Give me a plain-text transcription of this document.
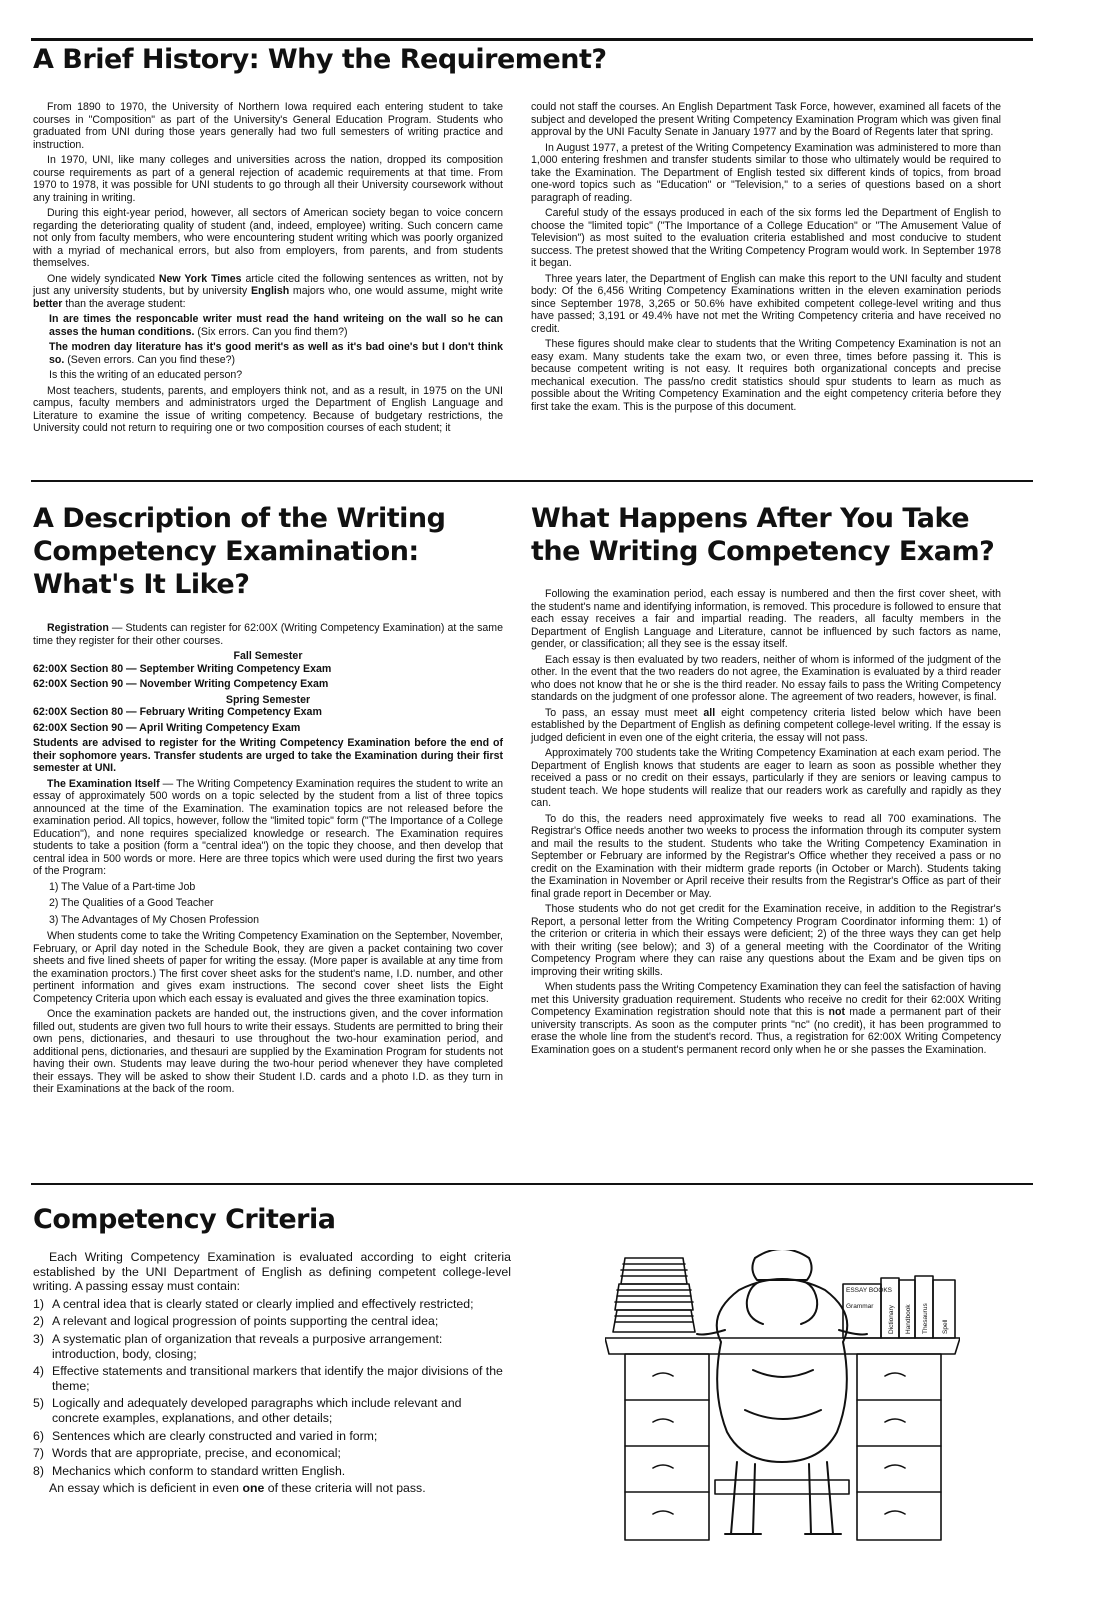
A Brief History: Why the Requirement?

From 1890 to 1970, the University of Northern Iowa required each entering student to take courses in "Composition" as part of the University's General Education Program. Students who graduated from UNI during those years generally had two full semesters of writing practice and instruction.

In 1970, UNI, like many colleges and universities across the nation, dropped its composition course requirements as part of a general rejection of academic requirements at that time. From 1970 to 1978, it was possible for UNI students to go through all their University coursework without any training in writing.

During this eight-year period, however, all sectors of American society began to voice concern regarding the deteriorating quality of student (and, indeed, employee) writing. Such concern came not only from faculty members, who were encountering student writing which was poorly organized with a myriad of mechanical errors, but also from employers, from parents, and from students themselves.

One widely syndicated New York Times article cited the following sentences as written, not by just any university students, but by university English majors who, one would assume, might write better than the average student:

In are times the responcable writer must read the hand writeing on the wall so he can asses the human conditions. (Six errors. Can you find them?)

The modren day literature has it's good merit's as well as it's bad oine's but I don't think so. (Seven errors. Can you find these?)

Is this the writing of an educated person?

Most teachers, students, parents, and employers think not, and as a result, in 1975 on the UNI campus, faculty members and administrators urged the Department of English Language and Literature to examine the issue of writing competency. Because of budgetary restrictions, the University could not return to requiring one or two composition courses of each student; it

could not staff the courses. An English Department Task Force, however, examined all facets of the subject and developed the present Writing Competency Examination Program which was given final approval by the UNI Faculty Senate in January 1977 and by the Board of Regents later that spring.

In August 1977, a pretest of the Writing Competency Examination was administered to more than 1,000 entering freshmen and transfer students similar to those who ultimately would be required to take the Examination. The Department of English tested six different kinds of topics, from broad one-word topics such as "Education" or "Television," to a series of questions based on a short paragraph of reading.

Careful study of the essays produced in each of the six forms led the Department of English to choose the "limited topic" ("The Importance of a College Education" or "The Amusement Value of Television") as most suited to the evaluation criteria established and most conducive to student success. The pretest showed that the Writing Competency Program would work. In September 1978 it began.

Three years later, the Department of English can make this report to the UNI faculty and student body: Of the 6,456 Writing Competency Examinations written in the eleven examination periods since September 1978, 3,265 or 50.6% have exhibited competent college-level writing and thus have passed; 3,191 or 49.4% have not met the Writing Competency criteria and have received no credit.

These figures should make clear to students that the Writing Competency Examination is not an easy exam. Many students take the exam two, or even three, times before passing it. This is because competent writing is not easy. It requires both organizational concepts and precise mechanical execution. The pass/no credit statistics should spur students to learn as much as possible about the Writing Competency Examination and the eight competency criteria before they first take the exam. This is the purpose of this document.

A Description of the Writing
Competency Examination:
What's It Like?

Registration — Students can register for 62:00X (Writing Competency Examination) at the same time they register for their other courses.

Fall Semester

62:00X Section 80 — September Writing Competency Exam

62:00X Section 90 — November Writing Competency Exam

Spring Semester

62:00X Section 80 — February Writing Competency Exam

62:00X Section 90 — April Writing Competency Exam

Students are advised to register for the Writing Competency Examination before the end of their sophomore years. Transfer students are urged to take the Examination during their first semester at UNI.

The Examination Itself — The Writing Competency Examination requires the student to write an essay of approximately 500 words on a topic selected by the student from a list of three topics announced at the time of the Examination. The examination topics are not released before the examination period. All topics, however, follow the "limited topic" form ("The Importance of a College Education"), and none requires specialized knowledge or research. The Examination requires students to take a position (form a "central idea") on the topic they choose, and then develop that central idea in 500 words or more. Here are three topics which were used during the first two years of the Program:

1) The Value of a Part-time Job
2) The Qualities of a Good Teacher
3) The Advantages of My Chosen Profession

When students come to take the Writing Competency Examination on the September, November, February, or April day noted in the Schedule Book, they are given a packet containing two cover sheets and five lined sheets of paper for writing the essay. (More paper is available at any time from the examination proctors.) The first cover sheet asks for the student's name, I.D. number, and other pertinent information and gives exam instructions. The second cover sheet lists the Eight Competency Criteria upon which each essay is evaluated and gives the three examination topics.

Once the examination packets are handed out, the instructions given, and the cover information filled out, students are given two full hours to write their essays. Students are permitted to bring their own pens, dictionaries, and thesauri to use throughout the two-hour examination period, and additional pens, dictionaries, and thesauri are supplied by the Examination Program for students not having their own. Students may leave during the two-hour period whenever they have completed their essays. They will be asked to show their Student I.D. cards and a photo I.D. as they turn in their Examinations at the back of the room.

What Happens After You Take
the Writing Competency Exam?

Following the examination period, each essay is numbered and then the first cover sheet, with the student's name and identifying information, is removed. This procedure is followed to ensure that each essay receives a fair and impartial reading. The readers, all faculty members in the Department of English Language and Literature, cannot be influenced by such factors as name, gender, or classification; all they see is the essay itself.

Each essay is then evaluated by two readers, neither of whom is informed of the judgment of the other. In the event that the two readers do not agree, the Examination is evaluated by a third reader who does not know that he or she is the third reader. No essay fails to pass the Writing Competency standards on the judgment of one professor alone. The agreement of two readers, however, is final.

To pass, an essay must meet all eight competency criteria listed below which have been established by the Department of English as defining competent college-level writing. If the essay is judged deficient in even one of the eight criteria, the essay will not pass.

Approximately 700 students take the Writing Competency Examination at each exam period. The Department of English knows that students are eager to learn as soon as possible whether they received a pass or no credit on their essays, particularly if they are seniors or leaving campus to student teach. We hope students will realize that our readers work as carefully and rapidly as they can.

To do this, the readers need approximately five weeks to read all 700 examinations. The Registrar's Office needs another two weeks to process the information through its computer system and mail the results to the student. Students who take the Writing Competency Examination in September or February are informed by the Registrar's Office whether they received a pass or no credit on the Examination with their midterm grade reports (in October or March). Students taking the Examination in November or April receive their results from the Registrar's Office as part of their final grade report in December or May.

Those students who do not get credit for the Examination receive, in addition to the Registrar's Report, a personal letter from the Writing Competency Program Coordinator informing them: 1) of the criterion or criteria in which their essays were deficient; 2) of the three ways they can get help with their writing (see below); and 3) of a general meeting with the Coordinator of the Writing Competency Program where they can raise any questions about the Exam and be given tips on improving their writing skills.

When students pass the Writing Competency Examination they can feel the satisfaction of having met this University graduation requirement. Students who receive no credit for their 62:00X Writing Competency Examination registration should note that this is not made a permanent part of their university transcripts. As soon as the computer prints "nc" (no credit), it has been programmed to erase the whole line from the student's record. Thus, a registration for 62:00X Writing Competency Examination goes on a student's permanent record only when he or she passes the Examination.

Competency Criteria

Each Writing Competency Examination is evaluated according to eight criteria established by the UNI Department of English as defining competent college-level writing. A passing essay must contain:

1) A central idea that is clearly stated or clearly implied and effectively restricted;
2) A relevant and logical progression of points supporting the central idea;
3) A systematic plan of organization that reveals a purposive arrangement: introduction, body, closing;
4) Effective statements and transitional markers that identify the major divisions of the theme;
5) Logically and adequately developed paragraphs which include relevant and concrete examples, explanations, and other details;
6) Sentences which are clearly constructed and varied in form;
7) Words that are appropriate, precise, and economical;
8) Mechanics which conform to standard written English.

An essay which is deficient in even one of these criteria will not pass.

ESSAY BOOKS
Grammar Dictionary Handbook Thesaurus Spell
